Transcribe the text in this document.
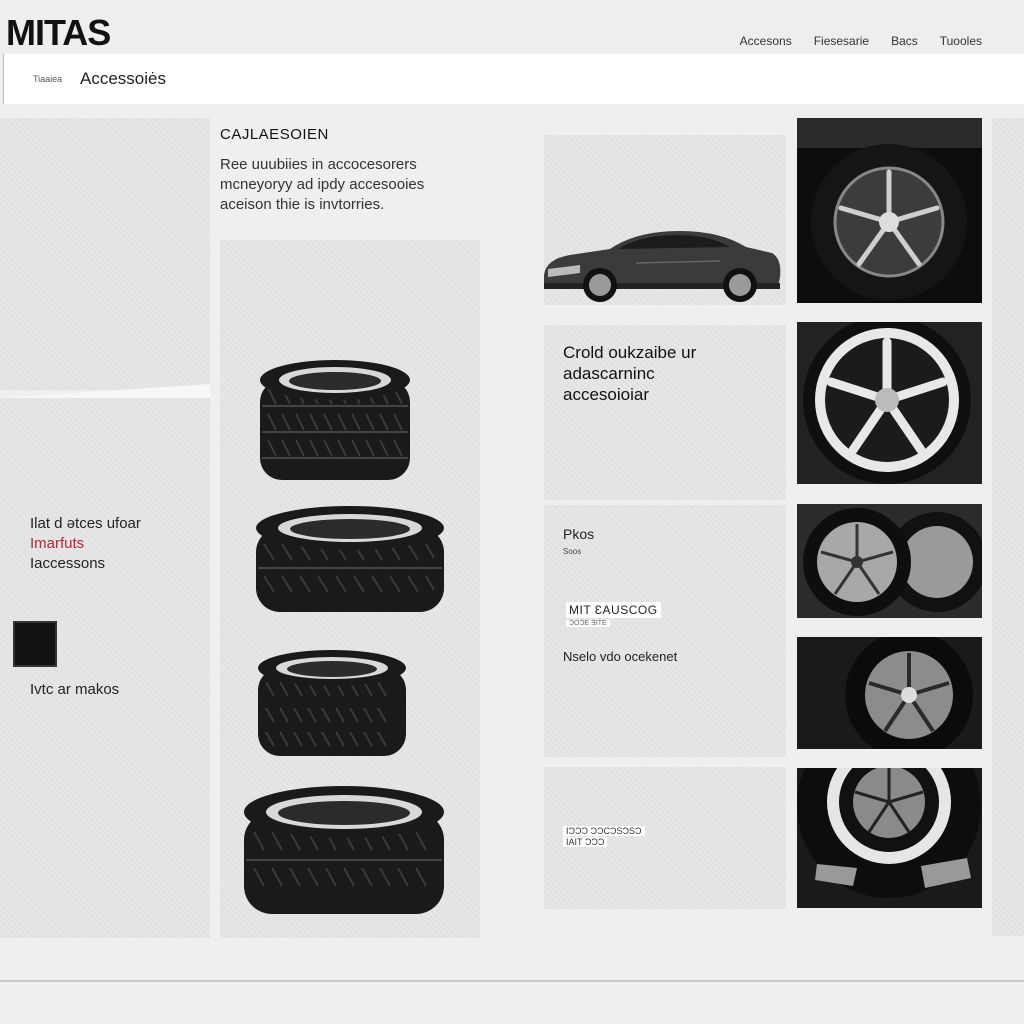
MITAS	Accesons Fiesesarie Bacs Tuooles
Tiaaiea Accessoiės
Ilat d ətces ufoar
Imarfuts
Iaccessons
Ivtc ar makos
CAJLAESOIEN
Ree uuubiies in accocesorers
mcneyoryy ad ipdy accesooies
aceison thie is invtorries.
Crold oukzaibe ur
adascarninc
accesoioiar
Pkos
Soos
MIT ƐAUSCOG
ƆOƆE ƎITE
Nselo vdo ocekenet
IƆƆƆ ƆƆCƆSƆSƆ
IAIT ƆƆƆ
